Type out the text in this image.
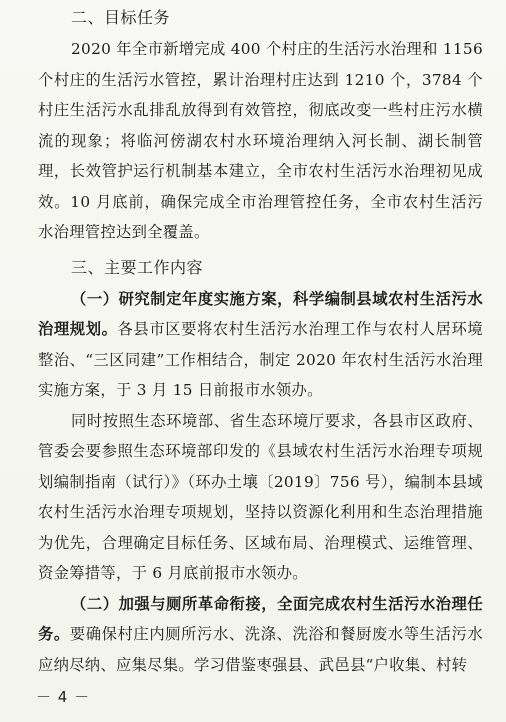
二、目标任务

2020 年全市新增完成 400 个村庄的生活污水治理和 1156 个村庄的生活污水管控，累计治理村庄达到 1210 个，3784 个村庄生活污水乱排乱放得到有效管控，彻底改变一些村庄污水横流的现象；将临河傍湖农村水环境治理纳入河长制、湖长制管理，长效管护运行机制基本建立，全市农村生活污水治理初见成效。10 月底前，确保完成全市治理管控任务，全市农村生活污水治理管控达到全覆盖。

三、主要工作内容

（一）研究制定年度实施方案，科学编制县域农村生活污水治理规划。各县市区要将农村生活污水治理工作与农村人居环境整治、“三区同建”工作相结合，制定 2020 年农村生活污水治理实施方案，于 3 月 15 日前报市水领办。

同时按照生态环境部、省生态环境厅要求，各县市区政府、管委会要参照生态环境部印发的《县域农村生活污水治理专项规划编制指南（试行）》（环办土壤〔2019〕756 号），编制本县域农村生活污水治理专项规划，坚持以资源化利用和生态治理措施为优先，合理确定目标任务、区域布局、治理模式、运维管理、资金筹措等，于 6 月底前报市水领办。

（二）加强与厕所革命衔接，全面完成农村生活污水治理任务。要确保村庄内厕所污水、洗涤、洗浴和餐厨废水等生活污水应纳尽纳、应集尽集。学习借鉴枣强县、武邑县“户收集、村转

－ 4 －
